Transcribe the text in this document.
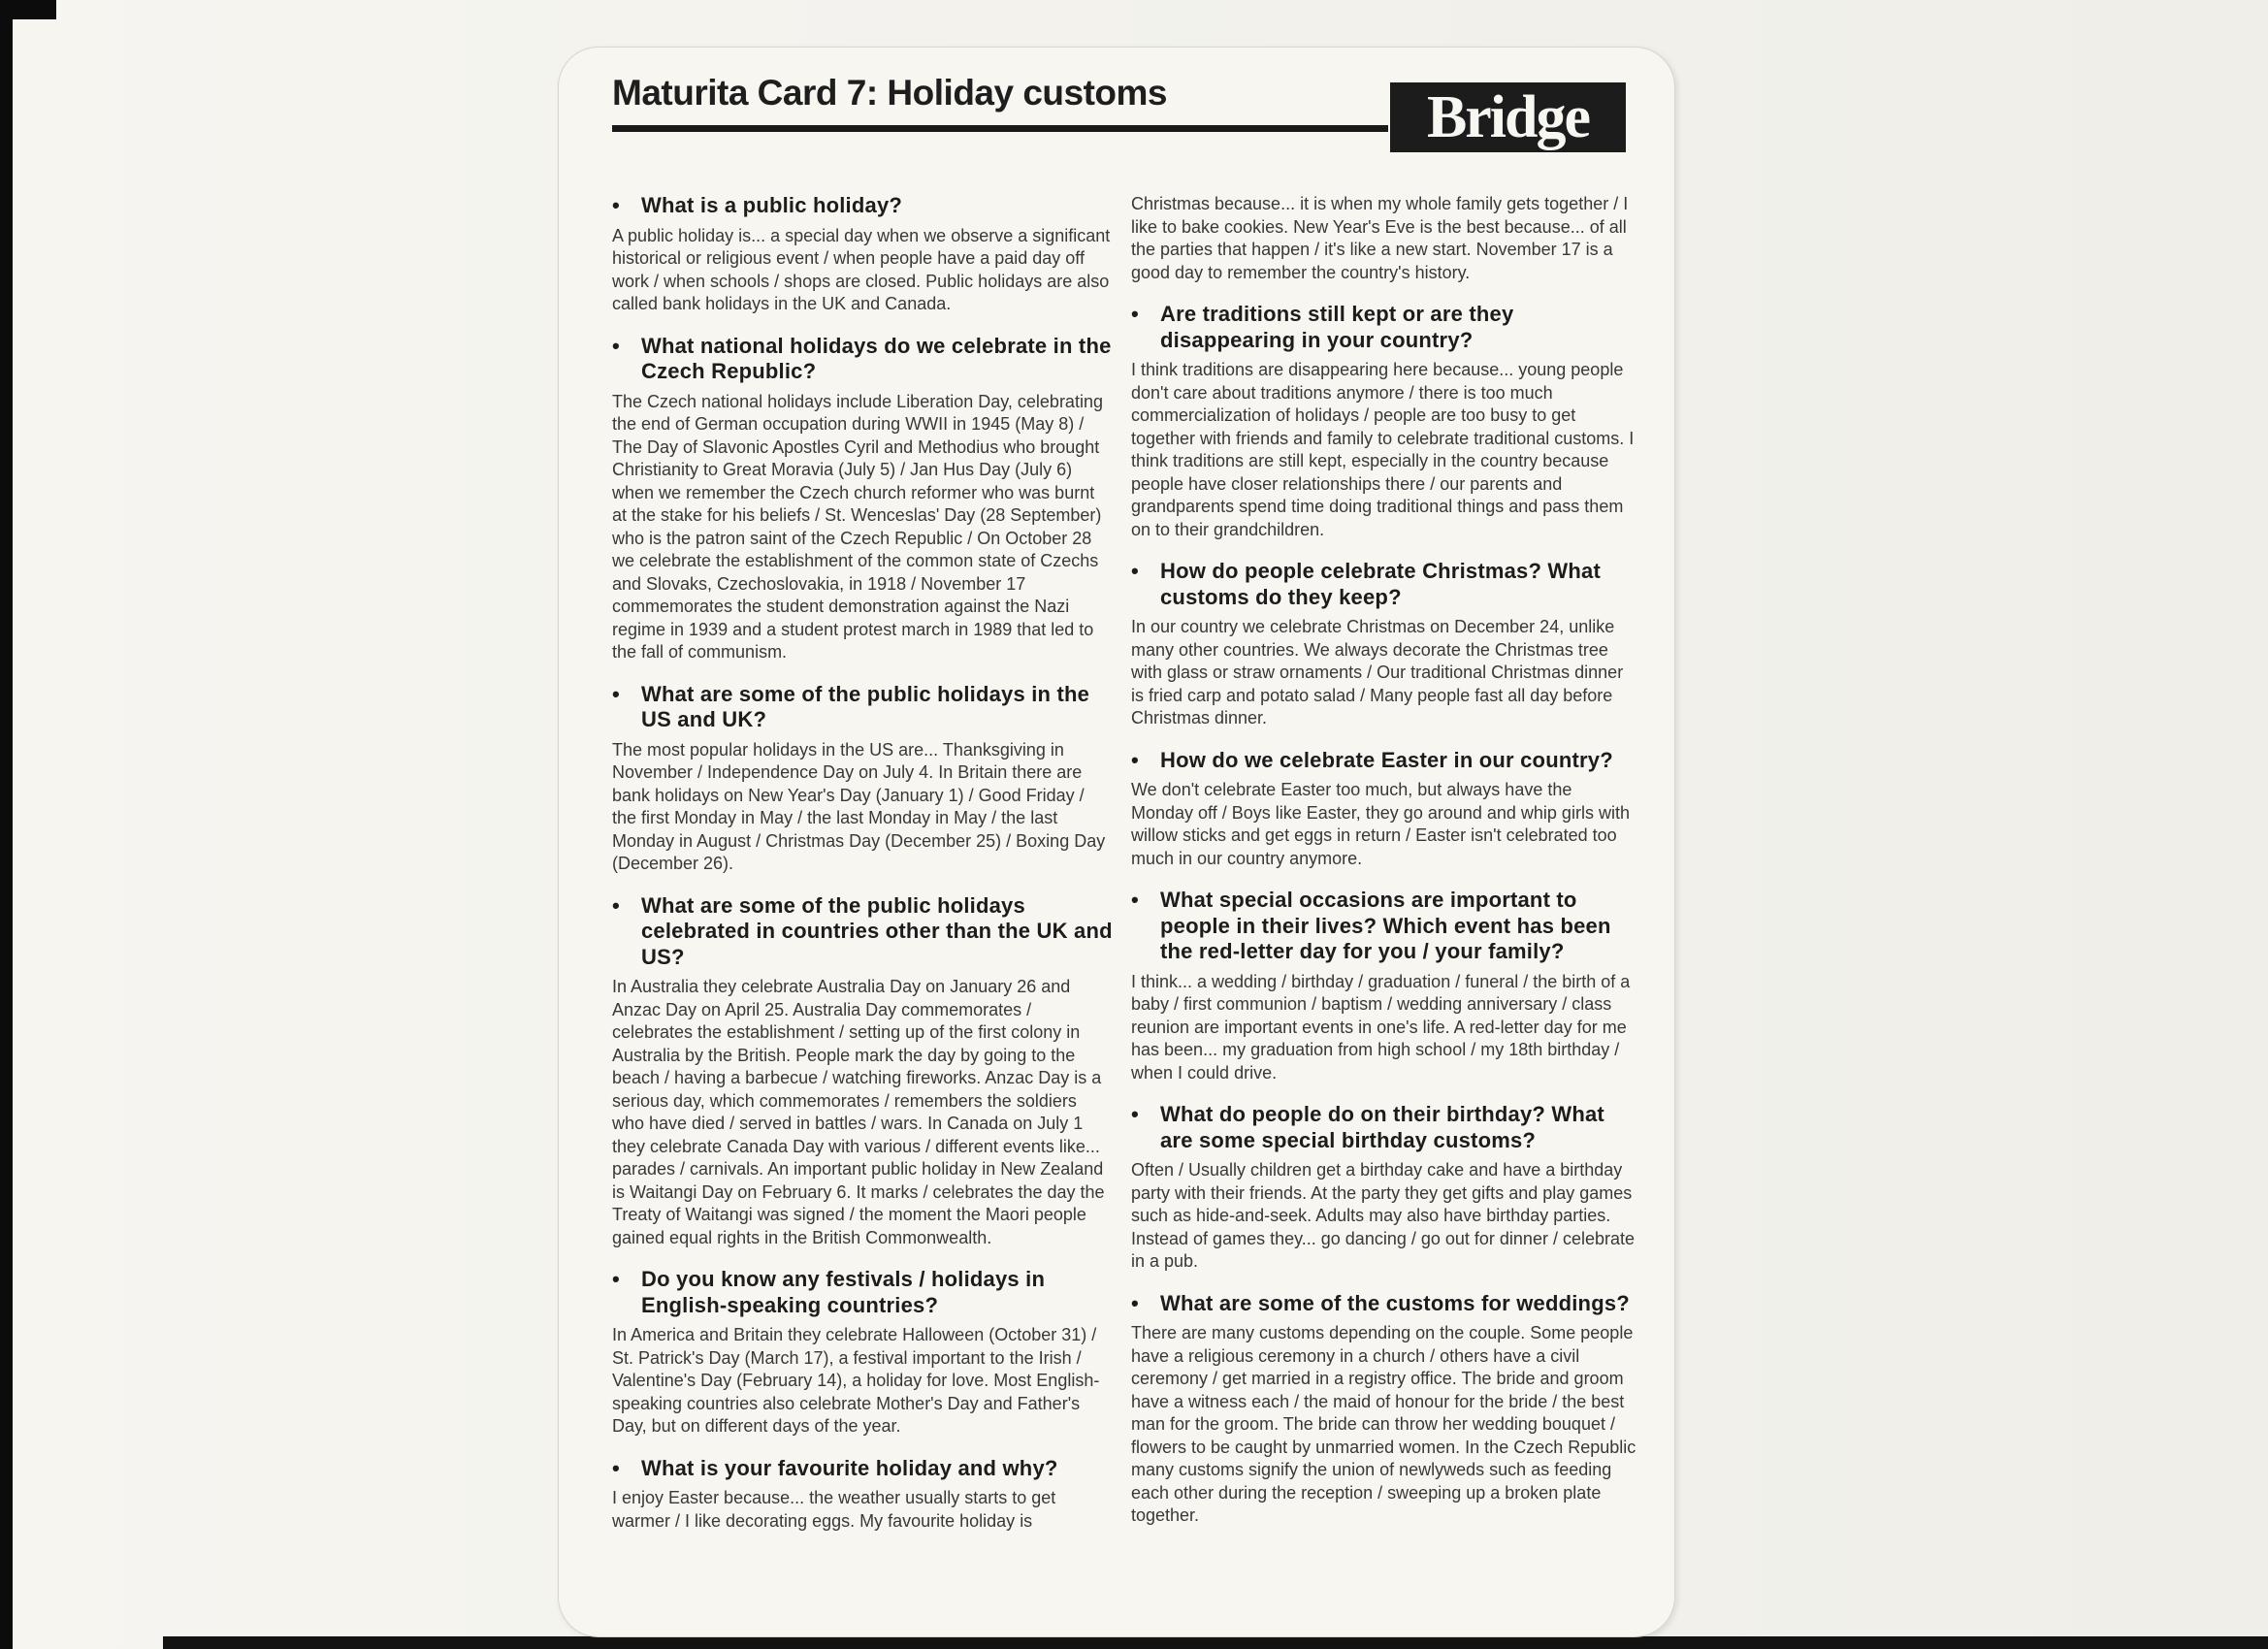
Maturita Card 7: Holiday customs	Bridge
•	What is a public holiday?

A public holiday is... a special day when we observe a significant historical or religious event / when people have a paid day off work / when schools / shops are closed. Public holidays are also called bank holidays in the UK and Canada.

•	What national holidays do we celebrate in the Czech Republic?

The Czech national holidays include Liberation Day, celebrating the end of German occupation during WWII in 1945 (May 8) / The Day of Slavonic Apostles Cyril and Methodius who brought Christianity to Great Moravia (July 5) / Jan Hus Day (July 6) when we remember the Czech church reformer who was burnt at the stake for his beliefs / St. Wenceslas' Day (28 September) who is the patron saint of the Czech Republic / On October 28 we celebrate the establishment of the common state of Czechs and Slovaks, Czechoslovakia, in 1918 / November 17 commemorates the student demonstration against the Nazi regime in 1939 and a student protest march in 1989 that led to the fall of communism.

•	What are some of the public holidays in the US and UK?

The most popular holidays in the US are... Thanksgiving in November / Independence Day on July 4. In Britain there are bank holidays on New Year's Day (January 1) / Good Friday / the first Monday in May / the last Monday in May / the last Monday in August / Christmas Day (December 25) / Boxing Day (December 26).

•	What are some of the public holidays celebrated in countries other than the UK and US?

In Australia they celebrate Australia Day on January 26 and Anzac Day on April 25. Australia Day commemorates / celebrates the establishment / setting up of the first colony in Australia by the British. People mark the day by going to the beach / having a barbecue / watching fireworks. Anzac Day is a serious day, which commemorates / remembers the soldiers who have died / served in battles / wars. In Canada on July 1 they celebrate Canada Day with various / different events like... parades / carnivals. An important public holiday in New Zealand is Waitangi Day on February 6. It marks / celebrates the day the Treaty of Waitangi was signed / the moment the Maori people gained equal rights in the British Commonwealth.

•	Do you know any festivals / holidays in English-speaking countries?

In America and Britain they celebrate Halloween (October 31) / St. Patrick's Day (March 17), a festival important to the Irish / Valentine's Day (February 14), a holiday for love. Most English-speaking countries also celebrate Mother's Day and Father's Day, but on different days of the year.

•	What is your favourite holiday and why?

I enjoy Easter because... the weather usually starts to get warmer / I like decorating eggs. My favourite holiday is

Christmas because... it is when my whole family gets together / I like to bake cookies. New Year's Eve is the best because... of all the parties that happen / it's like a new start. November 17 is a good day to remember the country's history.

•	Are traditions still kept or are they disappearing in your country?

I think traditions are disappearing here because... young people don't care about traditions anymore / there is too much commercialization of holidays / people are too busy to get together with friends and family to celebrate traditional customs. I think traditions are still kept, especially in the country because people have closer relationships there / our parents and grandparents spend time doing traditional things and pass them on to their grandchildren.

•	How do people celebrate Christmas? What customs do they keep?

In our country we celebrate Christmas on December 24, unlike many other countries. We always decorate the Christmas tree with glass or straw ornaments / Our traditional Christmas dinner is fried carp and potato salad / Many people fast all day before Christmas dinner.

•	How do we celebrate Easter in our country?

We don't celebrate Easter too much, but always have the Monday off / Boys like Easter, they go around and whip girls with willow sticks and get eggs in return / Easter isn't celebrated too much in our country anymore.

•	What special occasions are important to people in their lives? Which event has been the red-letter day for you / your family?

I think... a wedding / birthday / graduation / funeral / the birth of a baby / first communion / baptism / wedding anniversary / class reunion are important events in one's life. A red-letter day for me has been... my graduation from high school / my 18th birthday / when I could drive.

•	What do people do on their birthday? What are some special birthday customs?

Often / Usually children get a birthday cake and have a birthday party with their friends. At the party they get gifts and play games such as hide-and-seek. Adults may also have birthday parties. Instead of games they... go dancing / go out for dinner / celebrate in a pub.

•	What are some of the customs for weddings?

There are many customs depending on the couple. Some people have a religious ceremony in a church / others have a civil ceremony / get married in a registry office. The bride and groom have a witness each / the maid of honour for the bride / the best man for the groom. The bride can throw her wedding bouquet / flowers to be caught by unmarried women. In the Czech Republic many customs signify the union of newlyweds such as feeding each other during the reception / sweeping up a broken plate together.
